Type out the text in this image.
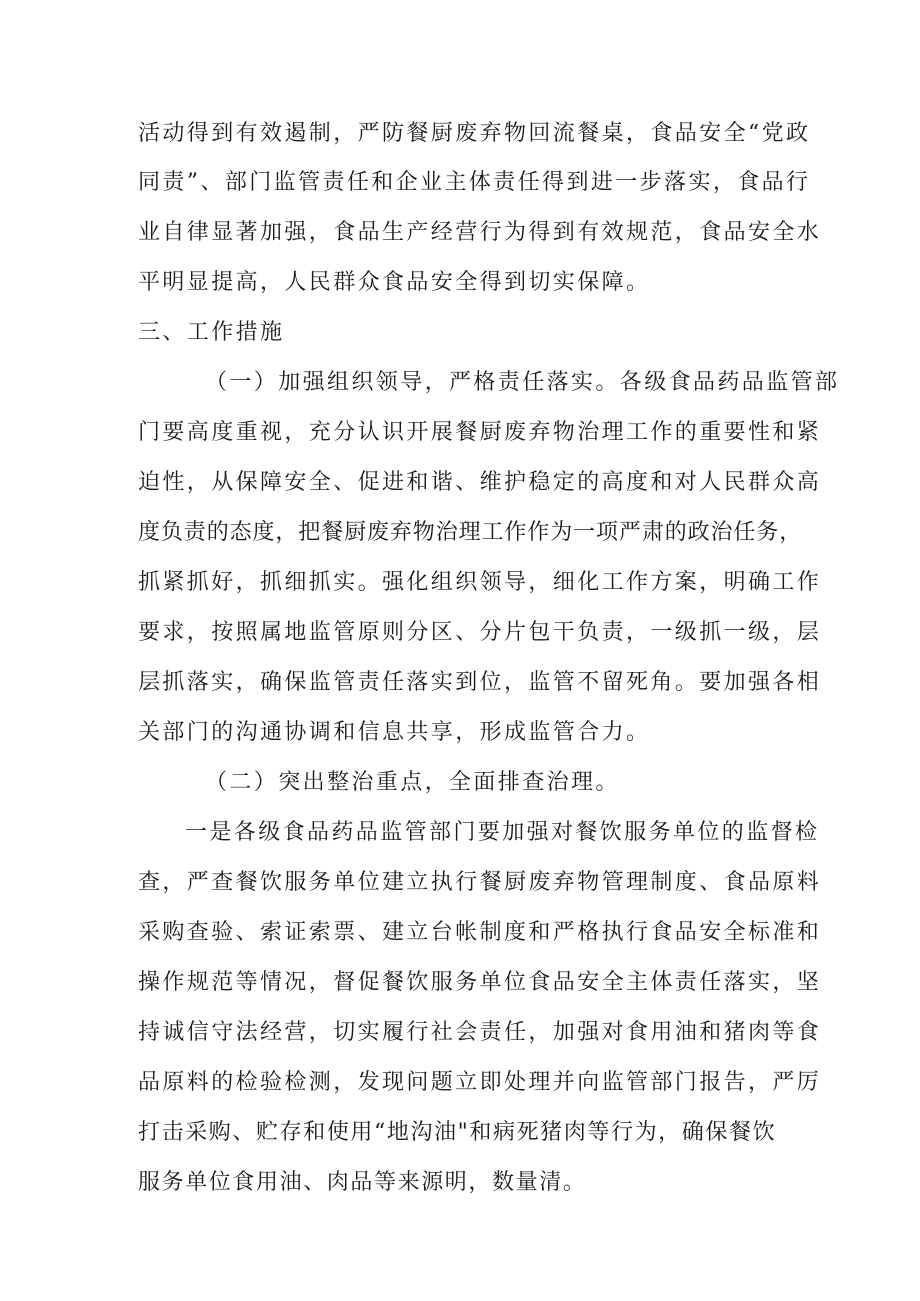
活动得到有效遏制，严防餐厨废弃物回流餐桌，食品安全“党政
同责”、部门监管责任和企业主体责任得到进一步落实，食品行
业自律显著加强，食品生产经营行为得到有效规范，食品安全水
平明显提高，人民群众食品安全得到切实保障。
三、工作措施
（一）加强组织领导，严格责任落实。各级食品药品监管部
门要高度重视，充分认识开展餐厨废弃物治理工作的重要性和紧
迫性，从保障安全、促进和谐、维护稳定的高度和对人民群众高
度负责的态度，把餐厨废弃物治理工作作为一项严肃的政治任务，
抓紧抓好，抓细抓实。强化组织领导，细化工作方案，明确工作
要求，按照属地监管原则分区、分片包干负责，一级抓一级，层
层抓落实，确保监管责任落实到位，监管不留死角。要加强各相
关部门的沟通协调和信息共享，形成监管合力。
（二）突出整治重点，全面排查治理。
一是各级食品药品监管部门要加强对餐饮服务单位的监督检
查，严查餐饮服务单位建立执行餐厨废弃物管理制度、食品原料
采购查验、索证索票、建立台帐制度和严格执行食品安全标准和
操作规范等情况，督促餐饮服务单位食品安全主体责任落实，坚
持诚信守法经营，切实履行社会责任，加强对食用油和猪肉等食
品原料的检验检测，发现问题立即处理并向监管部门报告，严厉
打击采购、贮存和使用“地沟油"和病死猪肉等行为，确保餐饮
服务单位食用油、肉品等来源明，数量清。
